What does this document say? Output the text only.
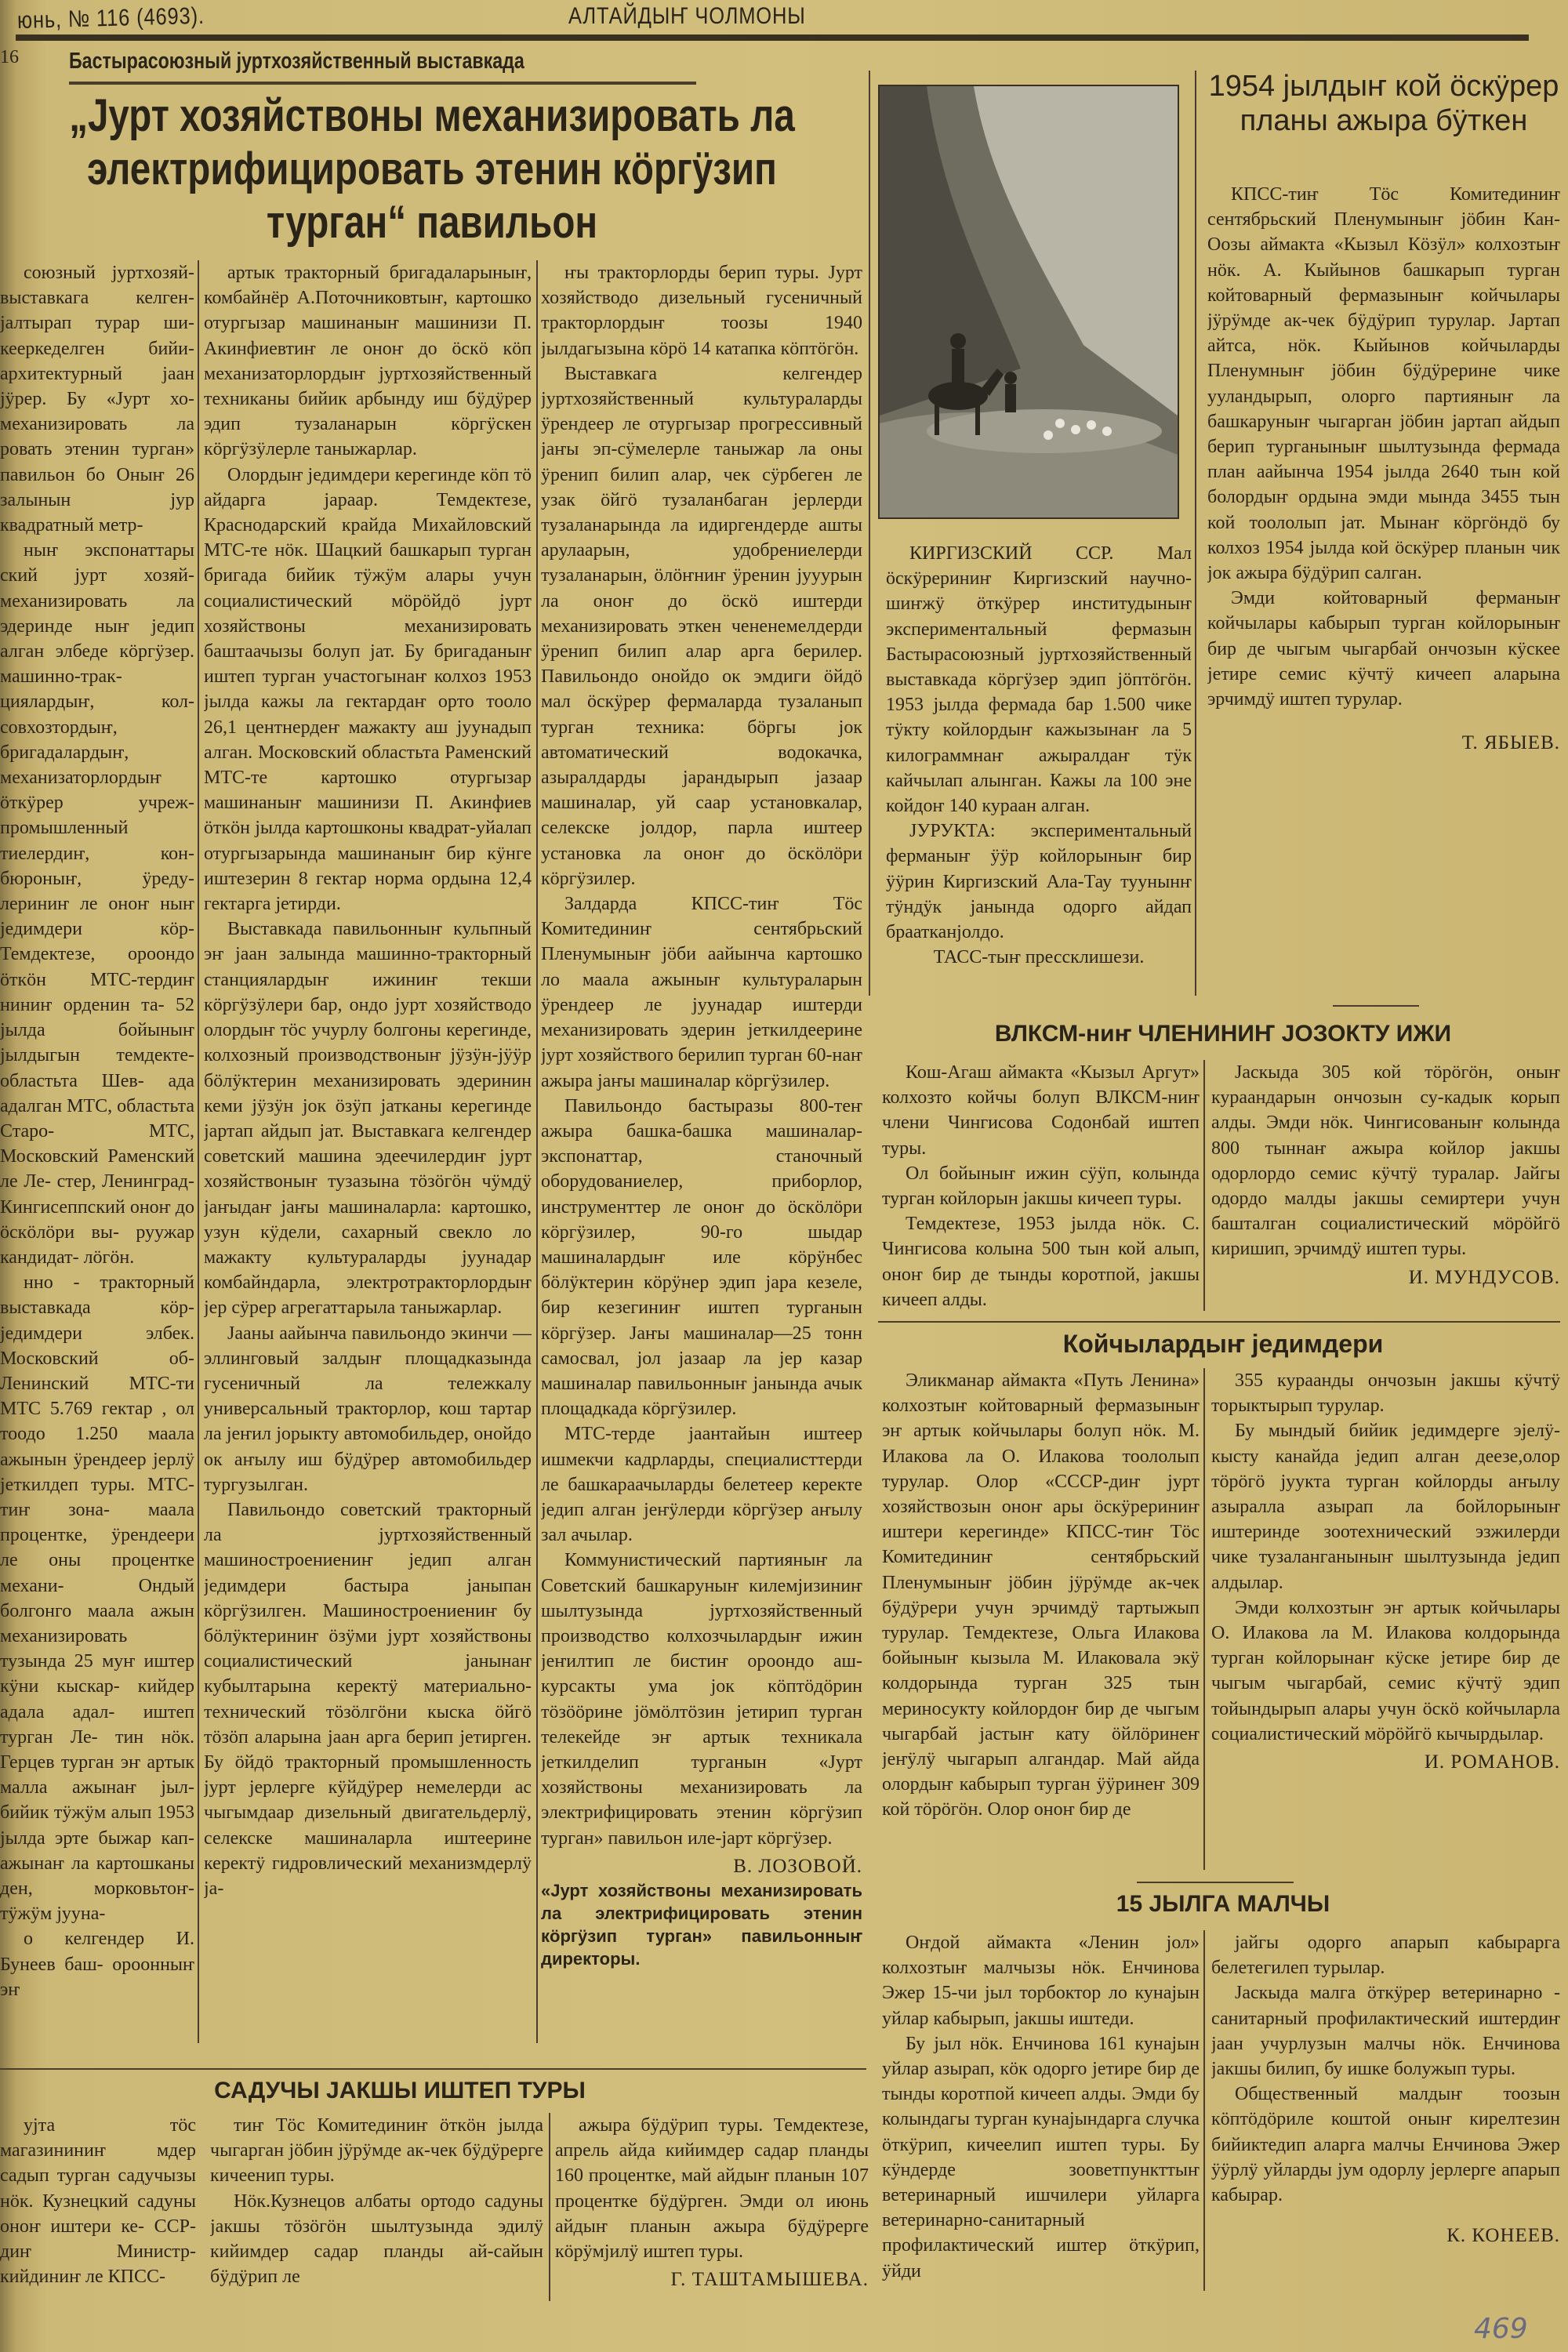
юнь, № 116 (4693).	АЛТАЙДЫҤ ЧОЛМОНЫ
16 Бастырасоюзный јуртхозяйственный выставкада
„Јурт хозяйствоны механизировать ла электрифицировать этенин кӧргӱзип турган“ павильон

союзный јуртхозяй- выставкага келген- јалтырап турар ши- кееркеделген бийи- архитектурный јаан јӱрер. Бу «Јурт хо- механизировать ла ровать этенин турган» павильон бо Оныҥ 26 залынын јур квадратный метр-

ныҥ экспонаттары ский јурт хозяй- механизировать ла эдеринде ныҥ једип алган элбеде кӧргӱзер. машинно-трак- циялардыҥ, кол- совхозтордыҥ, бригадалардыҥ, механизаторлордыҥ ӧткӱрер учреж- промышленный тиелердиҥ, кон- бюроныҥ, ӱреду- лериниҥ ле оноҥ ныҥ једимдери кӧр- Темдектезе, ороондо ӧткӧн МТС-тердиҥ ниниҥ орденин та- 52 јылда бойыныҥ јылдыгын темдекте- областьта Шев- ада адалган МТС, областьта Старо- МТС, Московский Раменский ле Ле- стер, Ленинград- Кингисеппский оноҥ до ӧскӧлӧри вы- руужар кандидат- лӧгӧн.

нно - тракторный выставкада кӧр- једимдери элбек. Московский об- Ленинский МТС-ти МТС 5.769 гектар , ол тоодо 1.250 маала ажынын ӱрендеер јерлӱ јеткилдеп туры. МТС-тиҥ зона- маала процентке, ӱрендеери ле оны процентке механи- Ондый болгонго маала ажын механизировать тузында 25 муҥ иштер кӱни кыскар- кийдер адала адал- иштеп турган Ле- тин нӧк. Герцев турган эҥ артык малла ажынаҥ јыл- бийик тӱжӱм алып 1953 јылда эрте быжар кап- ажынаҥ ла картошканы ден, морковьтоҥ- тӱжӱм јууна-

о келгендер И. Бунеев баш- ороонныҥ эҥ

артык тракторный бригадаларыныҥ, комбайнёр А.Поточниковтыҥ, картошко отургызар машинаныҥ машинизи П. Акинфиевтиҥ ле оноҥ до ӧскӧ кӧп механизаторлордыҥ јуртхозяйственный техниканы бийик арбынду иш бӱдӱрер эдип тузаланарын кӧргӱскен кӧргӱзӱлерле таныжарлар.

Олордыҥ једимдери керегинде кӧп тӧ айдарга јараар. Темдектезе, Краснодарский крайда Михайловский МТС-те нӧк. Шацкий башкарып турган бригада бийик тӱжӱм алары учун социалистический мӧрӧйдӧ јурт хозяйствоны механизировать баштаачызы болуп јат. Бу бригаданыҥ иштеп турган участогынаҥ колхоз 1953 јылда кажы ла гектардаҥ орто тооло 26,1 центнердеҥ мажакту аш јуунадып алган. Московский областьта Раменский МТС-те картошко отургызар машинаныҥ машинизи П. Акинфиев ӧткӧн јылда картошконы квадрат-уйалап отургызарында машинаныҥ бир кӱнге иштезерин 8 гектар норма ордына 12,4 гектарга јетирди.

Выставкада павильонныҥ кульпный эҥ јаан залында машинно-тракторный станциялардыҥ ижиниҥ текши кӧргӱзӱлери бар, ондо јурт хозяйстводо олордыҥ тӧс учурлу болгоны керегинде, колхозный производствоныҥ јӱзӱн-јӱӱр бӧлӱктерин механизировать эдеринин кеми јӱзӱн јок ӧзӱп јатканы керегинде јартап айдып јат. Выставкага келгендер советский машина эдеечилердиҥ јурт хозяйствоныҥ тузазына тӧзӧгӧн чӱмдӱ јаҥыдаҥ јаҥы машиналарла: картошко, узун кӱдели, сахарный свекло ло мажакту культураларды јуунадар комбайндарла, электротракторлордыҥ јер сӱрер агрегаттарыла таныжарлар.

Јааны аайынча павильондо экинчи — эллинговый залдыҥ площадказында гусеничный ла тележкалу универсальный тракторлор, кош тартар ла јеҥил јорыкту автомобильдер, онойдо ок аҥылу иш бӱдӱрер автомобильдер тургузылган.

Павильондо советский тракторный ла јуртхозяйственный машиностроениениҥ једип алган једимдери бастыра јаныпан кӧргӱзилген. Машиностроениениҥ бу бӧлӱктериниҥ ӧзӱми јурт хозяйствоны социалистический јанынаҥ кубылтарына керектӱ материально-технический тӧзӧлгӧни кыска ӧйгӧ тӧзӧп аларына јаан арга берип јетирген. Бу ӧйдӧ тракторный промышленность јурт јерлерге кӱйдӱрер немелерди ас чыгымдаар дизельный двигательдерлӱ, селекске машиналарла иштеерине керектӱ гидровлический механизмдерлӱ ја-

ҥы тракторлорды берип туры. Јурт хозяйстводо дизельный гусеничный тракторлордыҥ тоозы 1940 јылдагызына кӧрӧ 14 катапка кӧптӧгӧн.

Выставкага келгендер јуртхозяйственный культураларды ӱрендеер ле отургызар прогрессивный јаҥы эп-сӱмелерле таныжар ла оны ӱренип билип алар, чек сӱрбеген ле узак ӧйгӧ тузаланбаган јерлерди тузаланарында ла идиргендерде ашты арулаарын, удобрениелерди тузаланарын, ӧлӧҥниҥ ӱренин јууурын ла оноҥ до ӧскӧ иштерди механизировать эткен чененемелдерди ӱренип билип алар арга берилер. Павильондо онойдо ок эмдиги ӧйдӧ мал ӧскӱрер фермаларда тузаланып турган техника: бӧргы јок автоматический водокачка, азыралдарды јарандырып јазаар машиналар, уй саар установкалар, селекске јолдор, парла иштеер установка ла оноҥ до ӧскӧлӧри кӧргӱзилер.

Залдарда КПСС-тиҥ Тӧс Комитединиҥ сентябрьский Пленумыныҥ јӧби аайынча картошко ло маала ажыныҥ культураларын ӱрендеер ле јуунадар иштерди механизировать эдерин јеткилдеерине јурт хозяйствого берилип турган 60-наҥ ажыра јаҥы машиналар кӧргӱзилер.

Павильондо бастыразы 800-теҥ ажыра башка-башка машиналар-экспонаттар, станочный оборудованиелер, приборлор, инструменттер ле оноҥ до ӧскӧлӧри кӧргӱзилер, 90-го шыдар машиналардыҥ иле кӧрӱнбес бӧлӱктерин кӧрӱнер эдип јара кезеле, бир кезегиниҥ иштеп турганын кӧргӱзер. Јаҥы машиналар—25 тонн самосвал, јол јазаар ла јер казар машиналар павильонныҥ јанында ачык площадкада кӧргӱзилер.

МТС-терде јаантайын иштеер ишмекчи кадрларды, специалисттерди ле башкараачыларды белетеер керекте једип алган јеҥӱлерди кӧргӱзер аҥылу зал ачылар.

Коммунистический партияныҥ ла Советский башкаруныҥ килемјизиниҥ шылтузында јуртхозяйственный производство колхозчылардыҥ ижин јеҥилтип ле бистиҥ ороондо аш-курсакты ума јок кӧптӧдӧрин тӧзӧӧрине јӧмӧлтӧзин јетирип турган телекейде эҥ артык техникала јеткилделип турганын «Јурт хозяйствоны механизировать ла электрифицировать этенин кӧргӱзип турган» павильон иле-јарт кӧргӱзер.

В. ЛОЗОВОЙ.

«Јурт хозяйствоны механизировать ла электрифицировать этенин кӧргӱзип турган» павильонныҥ директоры.

КИРГИЗСКИЙ ССР. Мал ӧскӱрериниҥ Киргизский научно-шиҥжӱ ӧткӱрер институдыныҥ экспериментальный фермазын Бастырасоюзный јуртхозяйственный выставкада кӧргӱзер эдип јӧптӧгӧн. 1953 јылда фермада бар 1.500 чике тӱкту койлордыҥ кажызынаҥ ла 5 килограммнаҥ ажыралдаҥ тӱк кайчылап алынган. Кажы ла 100 эне койдоҥ 140 кураан алган.

ЈУРУКТА: экспериментальный ферманыҥ ӱӱр койлорыныҥ бир ӱӱрин Киргизский Ала-Тау туунынҥ тӱндӱк јанында одорго айдап браатканjолдо.

ТАСС-тыҥ прессклишези.

1954 јылдыҥ кой ӧскӱрер планы ажыра бӱткен

КПСС-тиҥ Тӧс Комитединиҥ сентябрьский Пленумыныҥ јӧбин Кан-Оозы аймакта «Кызыл Кӧзӱл» колхозтыҥ нӧк. А. Кыйынов башкарып турган койтоварный фермазыныҥ койчылары јӱрӱмде ак-чек бӱдӱрип турулар. Јартап айтса, нӧк. Кыйынов койчыларды Пленумныҥ јӧбин бӱдӱрерине чике ууландырып, олорго партияныҥ ла башкаруныҥ чыгарган јӧбин јартап айдып берип турганыныҥ шылтузында фермада план аайынча 1954 јылда 2640 тын кой болордыҥ ордына эмди мында 3455 тын кой тоололып јат. Мынаҥ кӧргӧндӧ бу колхоз 1954 јылда кой ӧскӱрер планын чик јок ажыра бӱдӱрип салган.

Эмди койтоварный ферманыҥ койчылары кабырып турган койлорыныҥ бир де чыгым чыгарбай ончозын кӱскее јетире семис кӱчтӱ кичееп аларына эрчимдӱ иштеп турулар.

Т. ЯБЫЕВ.

ВЛКСМ-ниҥ ЧЛЕНИНИҤ ЈОЗОКТУ ИЖИ

Кош-Агаш аймакта «Кызыл Аргут» колхозто койчы болуп ВЛКСМ-ниҥ члени Чингисова Содонбай иштеп туры.

Ол бойыныҥ ижин сӱӱп, колында турган койлорын јакшы кичееп туры.

Темдектезе, 1953 јылда нӧк. С. Чингисова колына 500 тын кой алып, оноҥ бир де тынды коротпой, јакшы кичееп алды.

Јаскыда 305 кой тӧрӧгӧн, оныҥ кураандарын ончозын су-кадык корып алды. Эмди нӧк. Чингисованыҥ колында 800 тыннаҥ ажыра койлор јакшы одорлордо семис кӱчтӱ туралар. Јайгы одордо малды јакшы семиртери учун башталган социалистический мӧрӧйгӧ киришип, эрчимдӱ иштеп туры.

И. МУНДУСОВ.

Койчылардыҥ једимдери

Эликманар аймакта «Путь Ленина» колхозтыҥ койтоварный фермазыныҥ эҥ артык койчылары болуп нӧк. М. Илакова ла О. Илакова тоололып турулар. Олор «СССР-диҥ јурт хозяйствозын оноҥ ары ӧскӱрериниҥ иштери керегинде» КПСС-тиҥ Тӧс Комитединиҥ сентябрьский Пленумыныҥ јӧбин јӱрӱмде ак-чек бӱдӱрери учун эрчимдӱ тартыжып турулар. Темдектезе, Ольга Илакова бойыныҥ кызыла М. Илаковала экӱ колдорында турган 325 тын мериносукту койлордоҥ бир де чыгым чыгарбай јастыҥ кату ӧйлӧринеҥ јеҥӱлӱ чыгарып алгандар. Май айда олордыҥ кабырып турган ӱӱринеҥ 309 кой тӧрӧгӧн. Олор оноҥ бир де

355 кураанды ончозын јакшы кӱчтӱ торыктырып турулар.

Бу мындый бийик једимдерге эјелӱ-кысту канайда једип алган деезе,олор тӧрӧгӧ јуукта турган койлорды аҥылу азыралла азырап ла бойлорыныҥ иштеринде зоотехнический эзжилерди чике тузаланганыныҥ шылтузында једип алдылар.

Эмди колхозтыҥ эҥ артык койчылары О. Илакова ла М. Илакова колдорында турган койлорынаҥ кӱске јетире бир де чыгым чыгарбай, семис кӱчтӱ эдип тойындырып алары учун ӧскӧ койчыларла социалистический мӧрӧйгӧ кычырдылар.

И. РОМАНОВ.

15 ЈЫЛГА МАЛЧЫ

Оҥдой аймакта «Ленин јол» колхозтыҥ малчызы нӧк. Енчинова Эжер 15-чи јыл торбоктор ло кунајын уйлар кабырып, јакшы иштеди.

Бу јыл нӧк. Енчинова 161 кунајын уйлар азырап, кӧк одорго јетире бир де тынды коротпой кичееп алды. Эмди бу колындагы турган кунајындарга случка ӧткӱрип, кичеелип иштеп туры. Бу кӱндерде зооветпункттыҥ ветеринарный ишчилери уйларга ветеринарно-санитарный профилактический иштер ӧткӱрип, ӱйди

јайгы одорго апарып кабырарга белетегилеп турылар.

Јаскыда малга ӧткӱрер ветеринарно - санитарный профилактический иштердиҥ јаан учурлузын малчы нӧк. Енчинова јакшы билип, бу ишке болужып туры.

Общественный малдыҥ тоозын кӧптӧдӧриле коштой оныҥ кирелтезин бийиктедип аларга малчы Енчинова Эжер ӱӱрлӱ уйларды јум одорлу јерлерге апарып кабырар.

К. КОНЕЕВ.

САДУЧЫ ЈАКШЫ ИШТЕП ТУРЫ

ујта тӧс магазининиҥ мдер садып турган садучызы нӧк. Кузнецкий садуны оноҥ иштери ке- ССР-диҥ Министр- кийдиниҥ ле КПСС-

тиҥ Тӧс Комитединиҥ ӧткӧн јылда чыгарган јӧбин јӱрӱмде ак-чек бӱдӱрерге кичеенип туры.

Нӧк.Кузнецов албаты ортодо садуны јакшы тӧзӧгӧн шылтузында эдилӱ кийимдер садар планды ай-сайын бӱдӱрип ле

ажыра бӱдӱрип туры. Темдектезе, апрель айда кийимдер садар планды 160 процентке, май айдыҥ планын 107 процентке бӱдӱрген. Эмди ол июнь айдыҥ планын ажыра бӱдӱрерге кӧрӱмјилӱ иштеп туры.

Г. ТАШТАМЫШЕВА.

469
